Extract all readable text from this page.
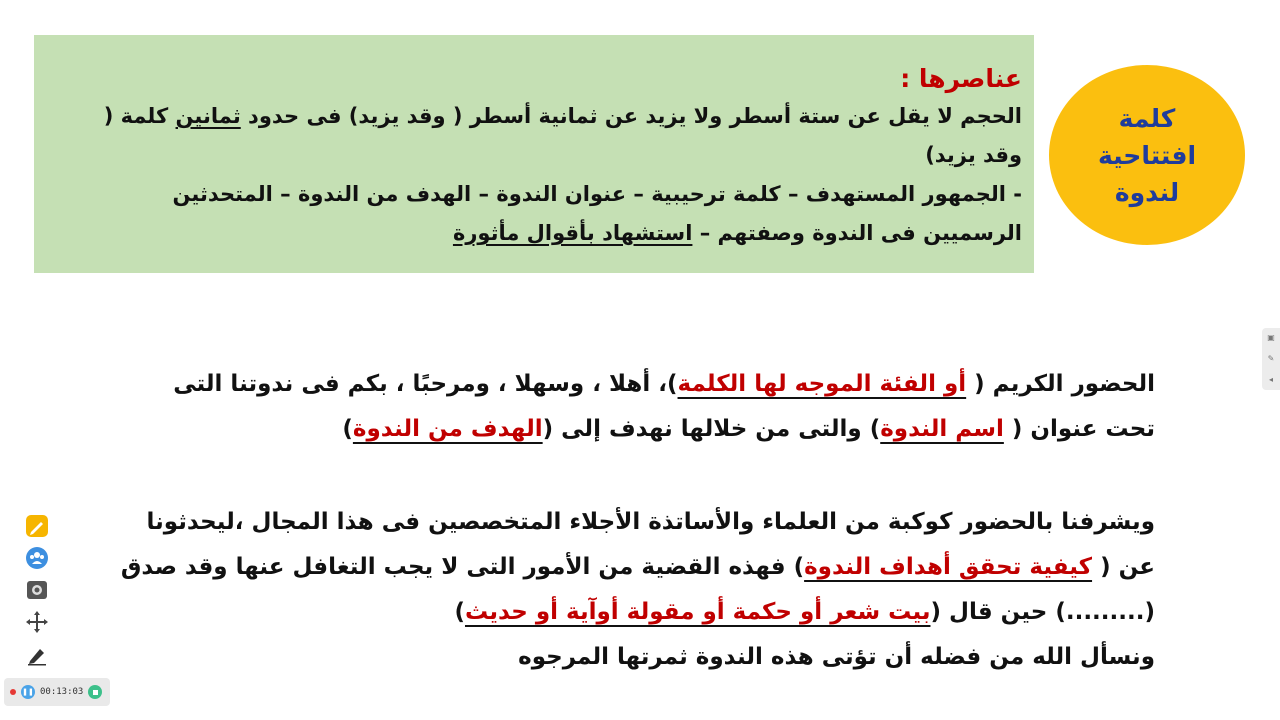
عناصرها :
الحجم لا يقل عن ستة أسطر ولا يزيد عن ثمانية أسطر ( وقد يزيد) فى حدود ثمانين كلمة ( وقد يزيد)
- الجمهور المستهدف – كلمة ترحيبية – عنوان الندوة – الهدف من الندوة – المتحدثين الرسميين فى الندوة وصفتهم – استشهاد بأقوال مأثورة
كلمة
افتتاحية
لندوة
الحضور الكريم ( أو الفئة الموجه لها الكلمة)، أهلا ، وسهلا ، ومرحبًا ، بكم فى ندوتنا التى تحت عنوان ( اسم الندوة) والتى من خلالها نهدف إلى (الهدف من الندوة)
ويشرفنا بالحضور كوكبة من العلماء والأساتذة الأجلاء المتخصصين فى هذا المجال ،ليحدثونا عن ( كيفية تحقق أهداف الندوة) فهذه القضية من الأمور التى لا يجب التغافل عنها وقد صدق (.........) حين قال (بيت شعر أو حكمة أو مقولة أوآية أو حديث)
ونسأل الله من فضله أن تؤتى هذه الندوة ثمرتها المرجوه
▣
✎
◂
❚❚ 00:13:03
